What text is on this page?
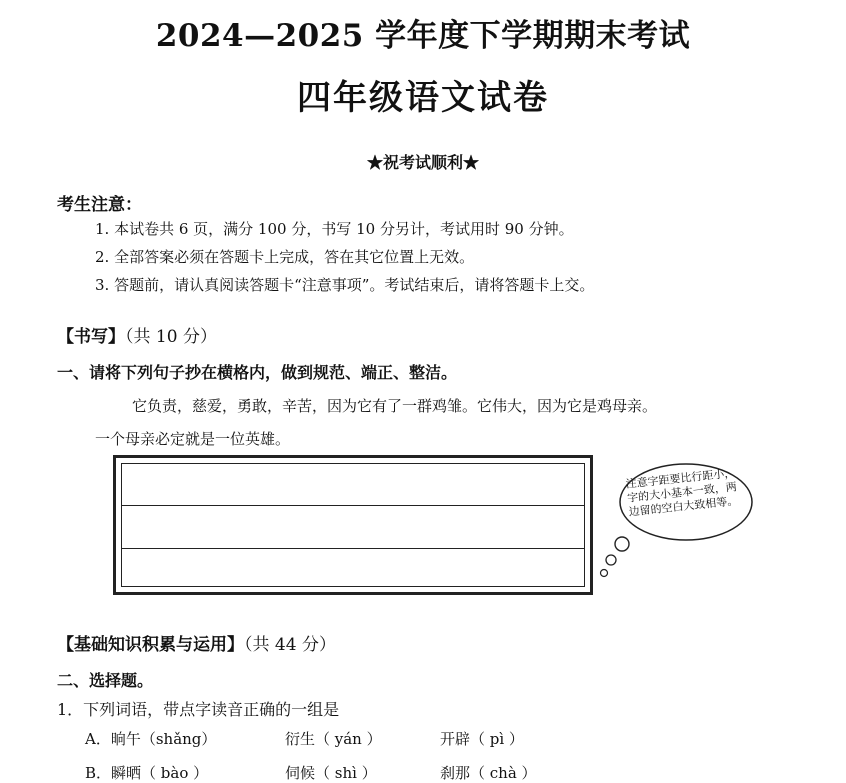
2024—2025 学年度下学期期末考试
四年级语文试卷
★祝考试顺利★
考生注意：
1. 本试卷共 6 页，满分 100 分，书写 10 分另计，考试用时 90 分钟。
2. 全部答案必须在答题卡上完成，答在其它位置上无效。
3. 答题前，请认真阅读答题卡“注意事项”。考试结束后，请将答题卡上交。
【书写】（共 10 分）
一、请将下列句子抄在横格内，做到规范、端正、整洁。
它负责，慈爱，勇敢，辛苦，因为它有了一群鸡雏。它伟大，因为它是鸡母亲。
一个母亲必定就是一位英雄。
注意字距要比行距小，字的大小基本一致，两边留的空白大致相等。
【基础知识积累与运用】（共 44 分）
二、选择题。
1．下列词语，带点字读音正确的一组是
A．晌午（shǎng）	衍生（ yán ）	开辟（ pì ）
B．瞬晒（ bào ）	伺候（ shì ）	刹那（ chà ）
